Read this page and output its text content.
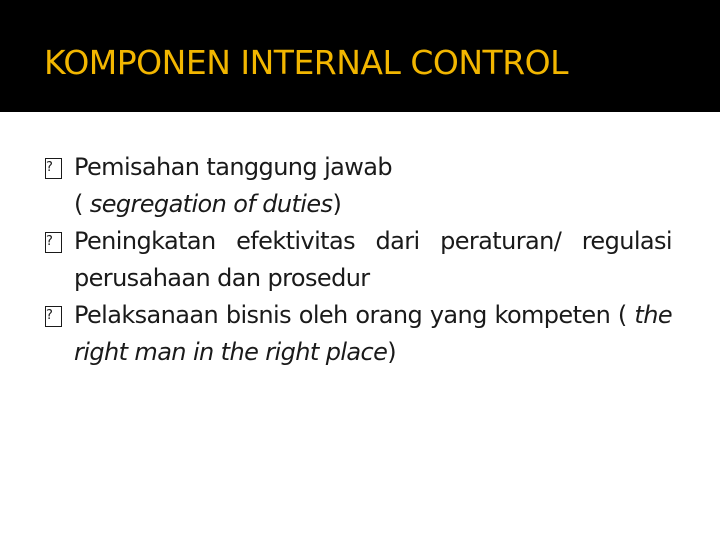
KOMPONEN INTERNAL CONTROL
?
Pemisahan tanggung jawab
( segregation of duties)
?
Peningkatan efektivitas dari peraturan/ regulasi perusahaan dan prosedur
?
Pelaksanaan bisnis oleh orang yang kompeten ( the right man in the right place)
